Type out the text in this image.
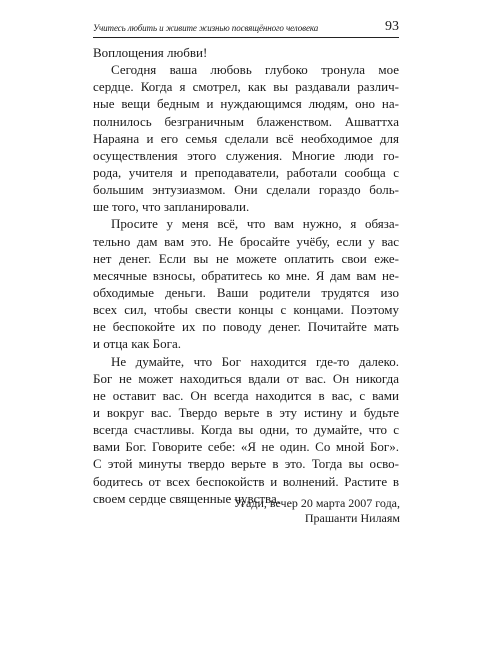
Учитесь любить и живите жизнью посвящённого человека	93
Воплощения любви!
Сегодня ваша любовь глубоко тронула мое
сердце. Когда я смотрел, как вы раздавали различ-
ные вещи бедным и нуждающимся людям, оно на-
полнилось безграничным блаженством. Ашваттха
Нараяна и его семья сделали всё необходимое для
осуществления этого служения. Многие люди го-
рода, учителя и преподаватели, работали сообща с
большим энтузиазмом. Они сделали гораздо боль-
ше того, что запланировали.
Просите у меня всё, что вам нужно, я обяза-
тельно дам вам это. Не бросайте учёбу, если у вас
нет денег. Если вы не можете оплатить свои еже-
месячные взносы, обратитесь ко мне. Я дам вам не-
обходимые деньги. Ваши родители трудятся изо
всех сил, чтобы свести концы с концами. Поэтому
не беспокойте их по поводу денег. Почитайте мать
и отца как Бога.
Не думайте, что Бог находится где-то далеко.
Бог не может находиться вдали от вас. Он никогда
не оставит вас. Он всегда находится в вас, с вами
и вокруг вас. Твердо верьте в эту истину и будьте
всегда счастливы. Когда вы одни, то думайте, что с
вами Бог. Говорите себе: «Я не один. Со мной Бог».
С этой минуты твердо верьте в это. Тогда вы осво-
бодитесь от всех беспокойств и волнений. Растите в
своем сердце священные чувства.
Угади, вечер 20 марта 2007 года,
Прашанти Нилаям
